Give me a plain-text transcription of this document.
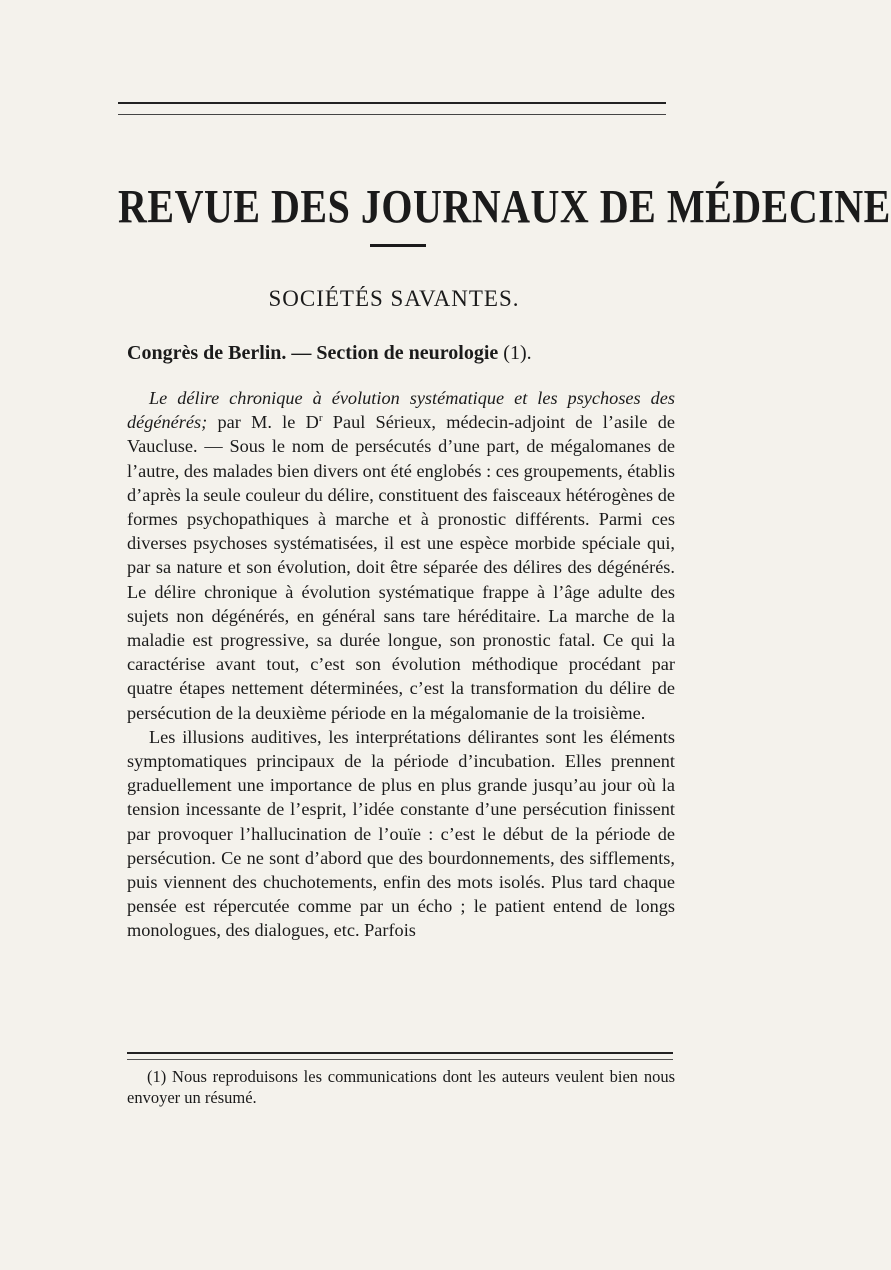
REVUE DES JOURNAUX DE MÉDECINE
SOCIÉTÉS SAVANTES.
Congrès de Berlin. — Section de neurologie (1).

Le délire chronique à évolution systématique et les psychoses des dégénérés; par M. le $D^r$ Paul Sérieux, médecin-adjoint de l’asile de Vaucluse. — Sous le nom de persécutés d’une part, de mégalomanes de l’autre, des malades bien divers ont été englobés : ces groupements, établis d’après la seule couleur du délire, constituent des faisceaux hétérogènes de formes psychopathiques à marche et à pronostic différents. Parmi ces diverses psychoses systématisées, il est une espèce morbide spéciale qui, par sa nature et son évolution, doit être séparée des délires des dégénérés. Le délire chronique à évolution systématique frappe à l’âge adulte des sujets non dégénérés, en général sans tare héréditaire. La marche de la maladie est progressive, sa durée longue, son pronostic fatal. Ce qui la caractérise avant tout, c’est son évolution méthodique procédant par quatre étapes nettement déterminées, c’est la transformation du délire de persécution de la deuxième période en la mégalomanie de la troisième.

Les illusions auditives, les interprétations délirantes sont les éléments symptomatiques principaux de la période d’incubation. Elles prennent graduellement une importance de plus en plus grande jusqu’au jour où la tension incessante de l’esprit, l’idée constante d’une persécution finissent par provoquer l’hallucination de l’ouïe : c’est le début de la période de persécution. Ce ne sont d’abord que des bourdonnements, des sifflements, puis viennent des chuchotements, enfin des mots isolés. Plus tard chaque pensée est répercutée comme par un écho ; le patient entend de longs monologues, des dialogues, etc. Parfois

(1) Nous reproduisons les communications dont les auteurs veulent bien nous envoyer un résumé.
